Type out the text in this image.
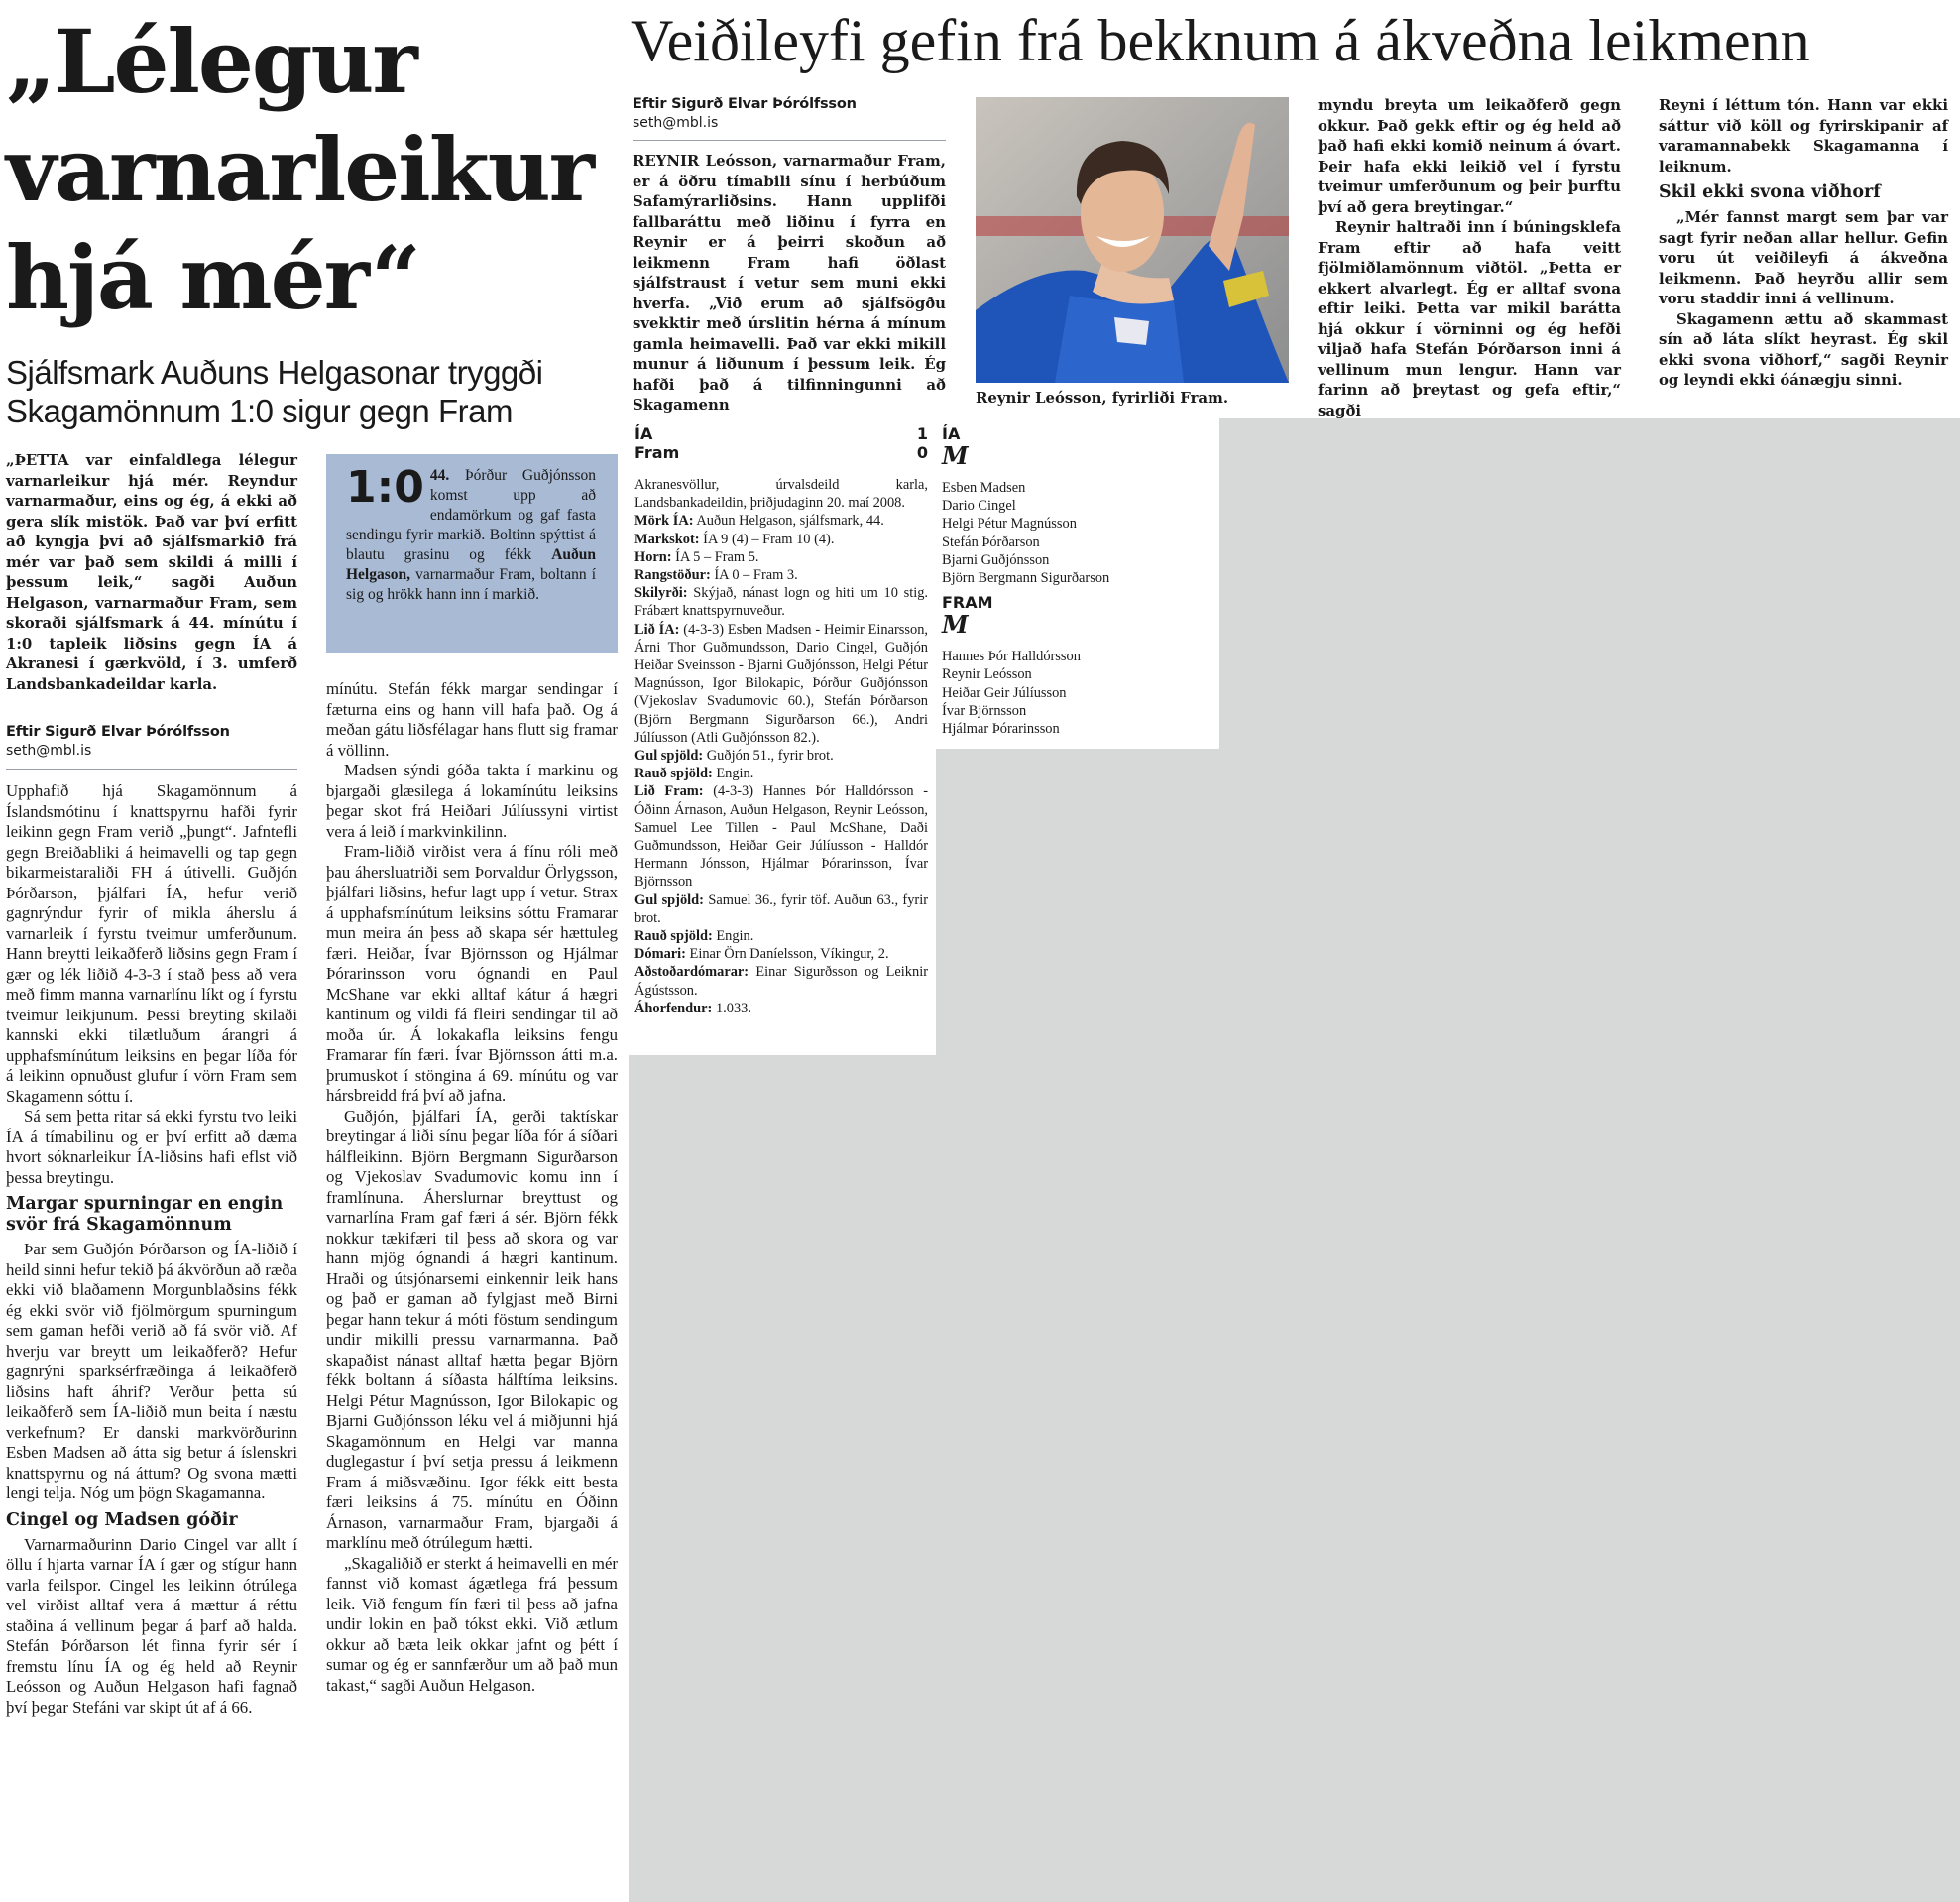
„Lélegur
varnarleikur
hjá mér“
Sjálfsmark Auðuns Helgasonar tryggði
Skagamönnum 1:0 sigur gegn Fram

„ÞETTA var einfaldlega lélegur varnarleikur hjá mér. Reyndur varnarmaður, eins og ég, á ekki að gera slík mistök. Það var því erfitt að kyngja því að sjálfsmarkið frá mér var það sem skildi á milli í þessum leik,“ sagði Auðun Helgason, varnarmaður Fram, sem skoraði sjálfsmark á 44. mínútu í 1:0 tapleik liðsins gegn ÍA á Akranesi í gærkvöld, í 3. umferð Landsbankadeildar karla.

Eftir Sigurð Elvar Þórólfsson
seth@mbl.is

Upphafið hjá Skagamönnum á Íslandsmótinu í knattspyrnu hafði fyrir leikinn gegn Fram verið „þungt“. Jafntefli gegn Breiðabliki á heimavelli og tap gegn bikarmeistaraliði FH á útivelli. Guðjón Þórðarson, þjálfari ÍA, hefur verið gagnrýndur fyrir of mikla áherslu á varnarleik í fyrstu tveimur umferðunum. Hann breytti leikaðferð liðsins gegn Fram í gær og lék liðið 4-3-3 í stað þess að vera með fimm manna varnarlínu líkt og í fyrstu tveimur leikjunum. Þessi breyting skilaði kannski ekki tilætluðum árangri á upphafsmínútum leiksins en þegar líða fór á leikinn opnuðust glufur í vörn Fram sem Skagamenn sóttu í.

Sá sem þetta ritar sá ekki fyrstu tvo leiki ÍA á tímabilinu og er því erfitt að dæma hvort sóknarleikur ÍA-liðsins hafi eflst við þessa breytingu.

Margar spurningar en engin svör frá Skagamönnum

Þar sem Guðjón Þórðarson og ÍA-liðið í heild sinni hefur tekið þá ákvörðun að ræða ekki við blaðamenn Morgunblaðsins fékk ég ekki svör við fjölmörgum spurningum sem gaman hefði verið að fá svör við. Af hverju var breytt um leikaðferð? Hefur gagnrýni sparksérfræðinga á leikaðferð liðsins haft áhrif? Verður þetta sú leikaðferð sem ÍA-liðið mun beita í næstu verkefnum? Er danski markvörðurinn Esben Madsen að átta sig betur á íslenskri knattspyrnu og ná áttum? Og svona mætti lengi telja. Nóg um þögn Skagamanna.

Cingel og Madsen góðir

Varnarmaðurinn Dario Cingel var allt í öllu í hjarta varnar ÍA í gær og stígur hann varla feilspor. Cingel les leikinn ótrúlega vel virðist alltaf vera á mættur á réttu staðina á vellinum þegar á þarf að halda. Stefán Þórðarson lét finna fyrir sér í fremstu línu ÍA og ég held að Reynir Leósson og Auðun Helgason hafi fagnað því þegar Stefáni var skipt út af á 66.

1:0 44. Þórður Guðjónsson komst upp að endamörkum og gaf fasta sendingu fyrir markið. Boltinn spýttist á blautu grasinu og fékk Auðun Helgason, varnarmaður Fram, boltann í sig og hrökk hann inn í markið.

mínútu. Stefán fékk margar sendingar í fæturna eins og hann vill hafa það. Og á meðan gátu liðsfélagar hans flutt sig framar á völlinn.

Madsen sýndi góða takta í markinu og bjargaði glæsilega á lokamínútu leiksins þegar skot frá Heiðari Júlíussyni virtist vera á leið í markvinkilinn.

Fram-liðið virðist vera á fínu róli með þau áhersluatriði sem Þorvaldur Örlygsson, þjálfari liðsins, hefur lagt upp í vetur. Strax á upphafsmínútum leiksins sóttu Framarar mun meira án þess að skapa sér hættuleg færi. Heiðar, Ívar Björnsson og Hjálmar Þórarinsson voru ógnandi en Paul McShane var ekki alltaf kátur á hægri kantinum og vildi fá fleiri sendingar til að moða úr. Á lokakafla leiksins fengu Framarar fín færi. Ívar Björnsson átti m.a. þrumuskot í stöngina á 69. mínútu og var hársbreidd frá því að jafna.

Guðjón, þjálfari ÍA, gerði taktískar breytingar á liði sínu þegar líða fór á síðari hálfleikinn. Björn Bergmann Sigurðarson og Vjekoslav Svadumovic komu inn í framlínuna. Áherslurnar breyttust og varnarlína Fram gaf færi á sér. Björn fékk nokkur tækifæri til þess að skora og var hann mjög ógnandi á hægri kantinum. Hraði og útsjónarsemi einkennir leik hans og það er gaman að fylgjast með Birni þegar hann tekur á móti föstum sendingum undir mikilli pressu varnarmanna. Það skapaðist nánast alltaf hætta þegar Björn fékk boltann á síðasta hálftíma leiksins. Helgi Pétur Magnússon, Igor Bilokapic og Bjarni Guðjónsson léku vel á miðjunni hjá Skagamönnum en Helgi var manna duglegastur í því setja pressu á leikmenn Fram á miðsvæðinu. Igor fékk eitt besta færi leiksins á 75. mínútu en Óðinn Árnason, varnarmaður Fram, bjargaði á marklínu með ótrúlegum hætti.

„Skagaliðið er sterkt á heimavelli en mér fannst við komast ágætlega frá þessum leik. Við fengum fín færi til þess að jafna undir lokin en það tókst ekki. Við ætlum okkur að bæta leik okkar jafnt og þétt í sumar og ég er sannfærður um að það mun takast,“ sagði Auðun Helgason.

Veiðileyfi gefin frá bekknum á ákveðna leikmenn
Eftir Sigurð Elvar Þórólfsson
seth@mbl.is

REYNIR Leósson, varnarmaður Fram, er á öðru tímabili sínu í herbúðum Safamýrarliðsins. Hann upplifði fallbaráttu með liðinu í fyrra en Reynir er á þeirri skoðun að leikmenn Fram hafi öðlast sjálfstraust í vetur sem muni ekki hverfa. „Við erum að sjálfsögðu svekktir með úrslitin hérna á mínum gamla heimavelli. Það var ekki mikill munur á liðunum í þessum leik. Ég hafði það á tilfinningunni að Skagamenn	Reynir Leósson, fyrirliði Fram.

myndu breyta um leikaðferð gegn okkur. Það gekk eftir og ég held að það hafi ekki komið neinum á óvart. Þeir hafa ekki leikið vel í fyrstu tveimur umferðunum og þeir þurftu því að gera breytingar.“

Reynir haltraði inn í búningsklefa Fram eftir að hafa veitt fjölmiðlamönnum viðtöl. „Þetta er ekkert alvarlegt. Ég er alltaf svona eftir leiki. Þetta var mikil barátta hjá okkur í vörninni og ég hefði viljað hafa Stefán Þórðarson inni á vellinum mun lengur. Hann var farinn að þreytast og gefa eftir,“ sagði

Reyni í léttum tón. Hann var ekki sáttur við köll og fyrirskipanir af varamannabekk Skagamanna í leiknum.

Skil ekki svona viðhorf

„Mér fannst margt sem þar var sagt fyrir neðan allar hellur. Gefin voru út veiðileyfi á ákveðna leikmenn. Það heyrðu allir sem voru staddir inni á vellinum.

Skagamenn ættu að skammast sín að láta slíkt heyrast. Ég skil ekki svona viðhorf,“ sagði Reynir og leyndi ekki óánægju sinni.

ÍA	1
Fram	0
Akranesvöllur, úrvalsdeild karla, Landsbankadeildin, þriðjudaginn 20. maí 2008.
Mörk ÍA: Auðun Helgason, sjálfsmark, 44.
Markskot: ÍA 9 (4) – Fram 10 (4).
Horn: ÍA 5 – Fram 5.
Rangstöður: ÍA 0 – Fram 3.
Skilyrði: Skýjað, nánast logn og hiti um 10 stig. Frábært knattspyrnuveður.
Lið ÍA: (4-3-3) Esben Madsen - Heimir Einarsson, Árni Thor Guðmundsson, Dario Cingel, Guðjón Heiðar Sveinsson - Bjarni Guðjónsson, Helgi Pétur Magnússon, Igor Bilokapic, Þórður Guðjónsson (Vjekoslav Svadumovic 60.), Stefán Þórðarson (Björn Bergmann Sigurðarson 66.), Andri Júlíusson (Atli Guðjónsson 82.).
Gul spjöld: Guðjón 51., fyrir brot.
Rauð spjöld: Engin.
Lið Fram: (4-3-3) Hannes Þór Halldórsson - Óðinn Árnason, Auðun Helgason, Reynir Leósson, Samuel Lee Tillen - Paul McShane, Daði Guðmundsson, Heiðar Geir Júlíusson - Halldór Hermann Jónsson, Hjálmar Þórarinsson, Ívar Björnsson
Gul spjöld: Samuel 36., fyrir töf. Auðun 63., fyrir brot.
Rauð spjöld: Engin.
Dómari: Einar Örn Daníelsson, Víkingur, 2.
Aðstoðardómarar: Einar Sigurðsson og Leiknir Ágústsson.
Áhorfendur: 1.033.
ÍA
M
Esben Madsen
Dario Cingel
Helgi Pétur Magnússon
Stefán Þórðarson
Bjarni Guðjónsson
Björn Bergmann Sigurðarson
FRAM
M
Hannes Þór Halldórsson
Reynir Leósson
Heiðar Geir Júlíusson
Ívar Björnsson
Hjálmar Þórarinsson
